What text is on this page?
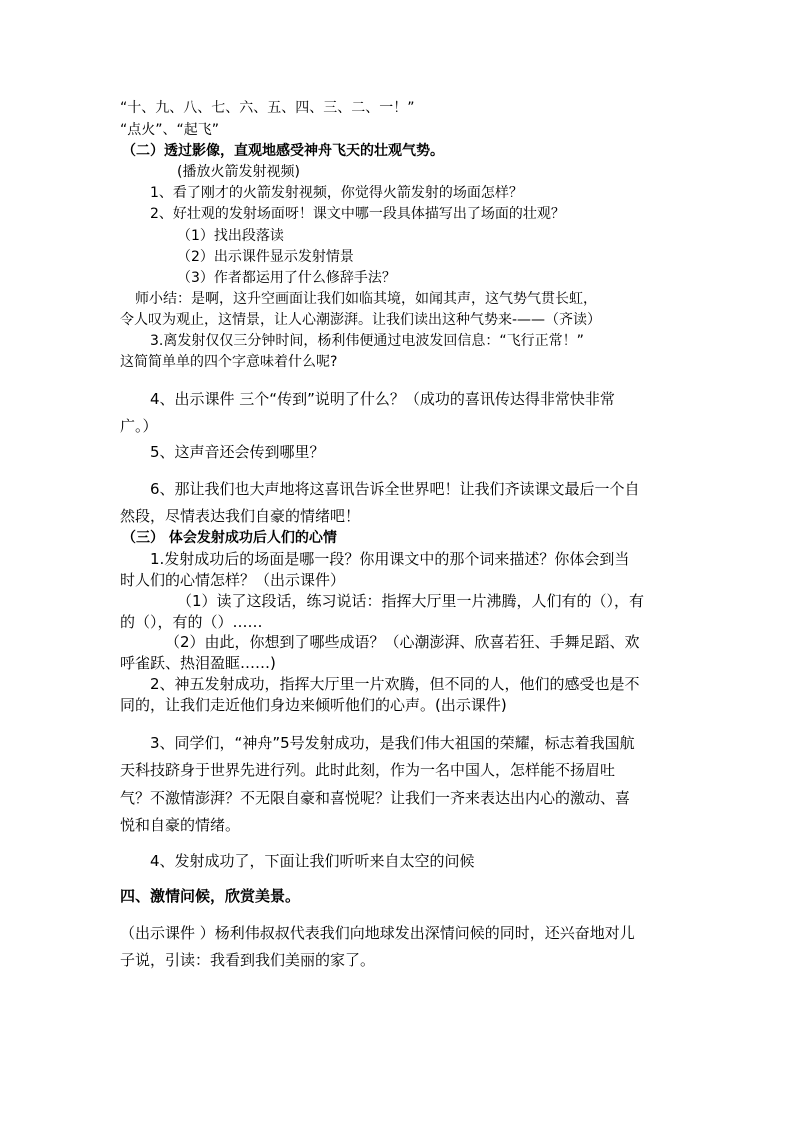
“十、九、八、七、六、五、四、三、二、一！”
“点火”、“起飞”
（二）透过影像，直观地感受神舟飞天的壮观气势。
(播放火箭发射视频)
1、看了刚才的火箭发射视频，你觉得火箭发射的场面怎样？
2、好壮观的发射场面呀！课文中哪一段具体描写出了场面的壮观？
（1）找出段落读
（2）出示课件显示发射情景
（3）作者都运用了什么修辞手法？
师小结：是啊，这升空画面让我们如临其境，如闻其声，这气势气贯长虹，
令人叹为观止，这情景，让人心潮澎湃。让我们读出这种气势来-——（齐读）
3.离发射仅仅三分钟时间，杨利伟便通过电波发回信息：“飞行正常！”
这简简单单的四个字意味着什么呢?
4、出示课件 三个“传到”说明了什么？（成功的喜讯传达得非常快非常
广。）
5、这声音还会传到哪里？
6、那让我们也大声地将这喜讯告诉全世界吧！让我们齐读课文最后一个自
然段，尽情表达我们自豪的情绪吧！
（三） 体会发射成功后人们的心情
1.发射成功后的场面是哪一段？你用课文中的那个词来描述？你体会到当
时人们的心情怎样？（出示课件）
（1）读了这段话，练习说话：指挥大厅里一片沸腾，人们有的（），有
的（），有的（）……
（2）由此，你想到了哪些成语？（心潮澎湃、欣喜若狂、手舞足蹈、欢
呼雀跃、热泪盈眶……)
2、神五发射成功，指挥大厅里一片欢腾，但不同的人，他们的感受也是不
同的，让我们走近他们身边来倾听他们的心声。(出示课件)
3、同学们，“神舟”5号发射成功，是我们伟大祖国的荣耀，标志着我国航
天科技跻身于世界先进行列。此时此刻，作为一名中国人，怎样能不扬眉吐
气？不激情澎湃？不无限自豪和喜悦呢？让我们一齐来表达出内心的激动、喜
悦和自豪的情绪。
4、发射成功了，下面让我们听听来自太空的问候
四、激情问候，欣赏美景。
（出示课件 ）杨利伟叔叔代表我们向地球发出深情问候的同时，还兴奋地对儿
子说，引读：我看到我们美丽的家了。
